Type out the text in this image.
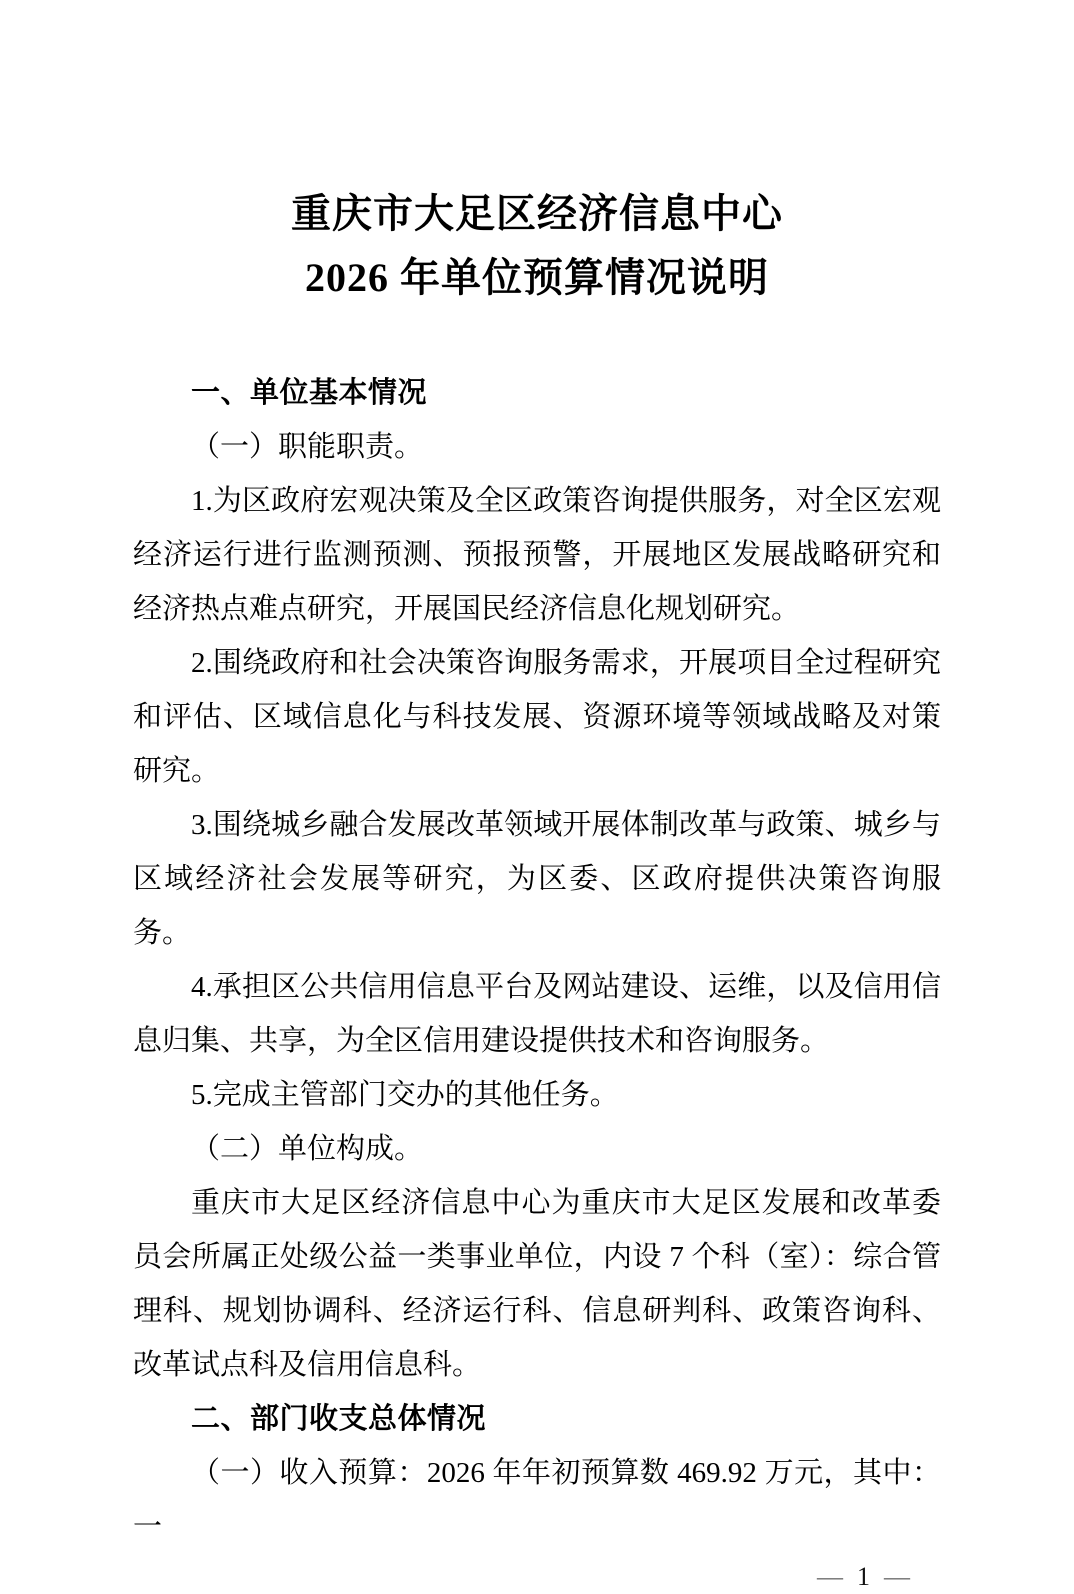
重庆市大足区经济信息中心
2026 年单位预算情况说明
一、单位基本情况

（一）职能职责。

1.为区政府宏观决策及全区政策咨询提供服务，对全区宏观经济运行进行监测预测、预报预警，开展地区发展战略研究和经济热点难点研究，开展国民经济信息化规划研究。

2.围绕政府和社会决策咨询服务需求，开展项目全过程研究和评估、区域信息化与科技发展、资源环境等领域战略及对策研究。

3.围绕城乡融合发展改革领域开展体制改革与政策、城乡与区域经济社会发展等研究，为区委、区政府提供决策咨询服务。

4.承担区公共信用信息平台及网站建设、运维，以及信用信息归集、共享，为全区信用建设提供技术和咨询服务。

5.完成主管部门交办的其他任务。

（二）单位构成。

重庆市大足区经济信息中心为重庆市大足区发展和改革委员会所属正处级公益一类事业单位，内设 7 个科（室）：综合管理科、规划协调科、经济运行科、信息研判科、政策咨询科、改革试点科及信用信息科。

二、部门收支总体情况

（一）收入预算：2026 年年初预算数 469.92 万元，其中：一

— 1 —
